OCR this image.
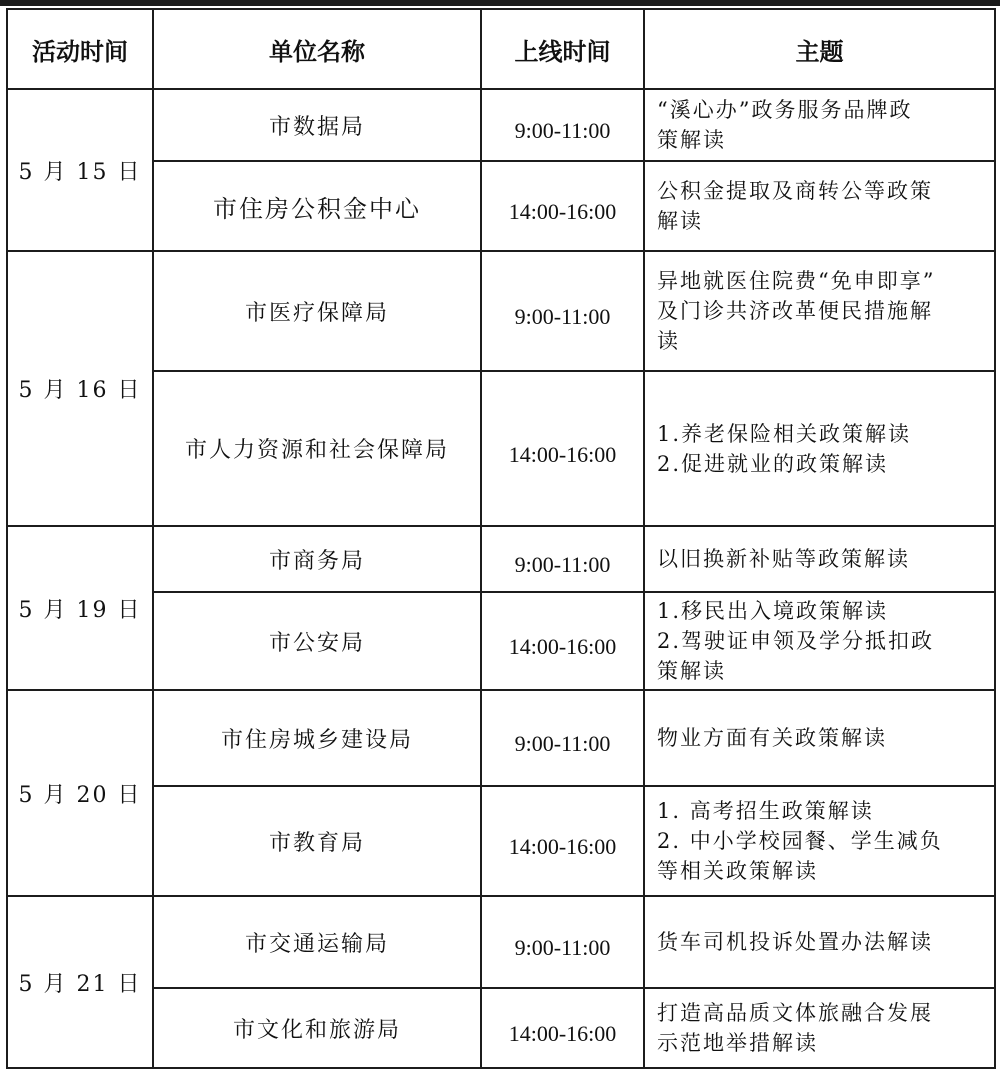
活动时间	单位名称	上线时间	主题
5 月 15 日	市数据局	9:00-11:00	“溪心办”政务服务品牌政
策解读

	市住房公积金中心	14:00-16:00	公积金提取及商转公等政策
解读

5 月 16 日	市医疗保障局	9:00-11:00	异地就医住院费“免申即享”
及门诊共济改革便民措施解
读

	市人力资源和社会保障局	14:00-16:00	1.养老保险相关政策解读
2.促进就业的政策解读

5 月 19 日	市商务局	9:00-11:00	以旧换新补贴等政策解读

	市公安局	14:00-16:00	1.移民出入境政策解读
2.驾驶证申领及学分抵扣政
策解读

5 月 20 日	市住房城乡建设局	9:00-11:00	物业方面有关政策解读

	市教育局	14:00-16:00	1. 高考招生政策解读
2. 中小学校园餐、学生减负
等相关政策解读

5 月 21 日	市交通运输局	9:00-11:00	货车司机投诉处置办法解读

	市文化和旅游局	14:00-16:00	打造高品质文体旅融合发展
示范地举措解读
